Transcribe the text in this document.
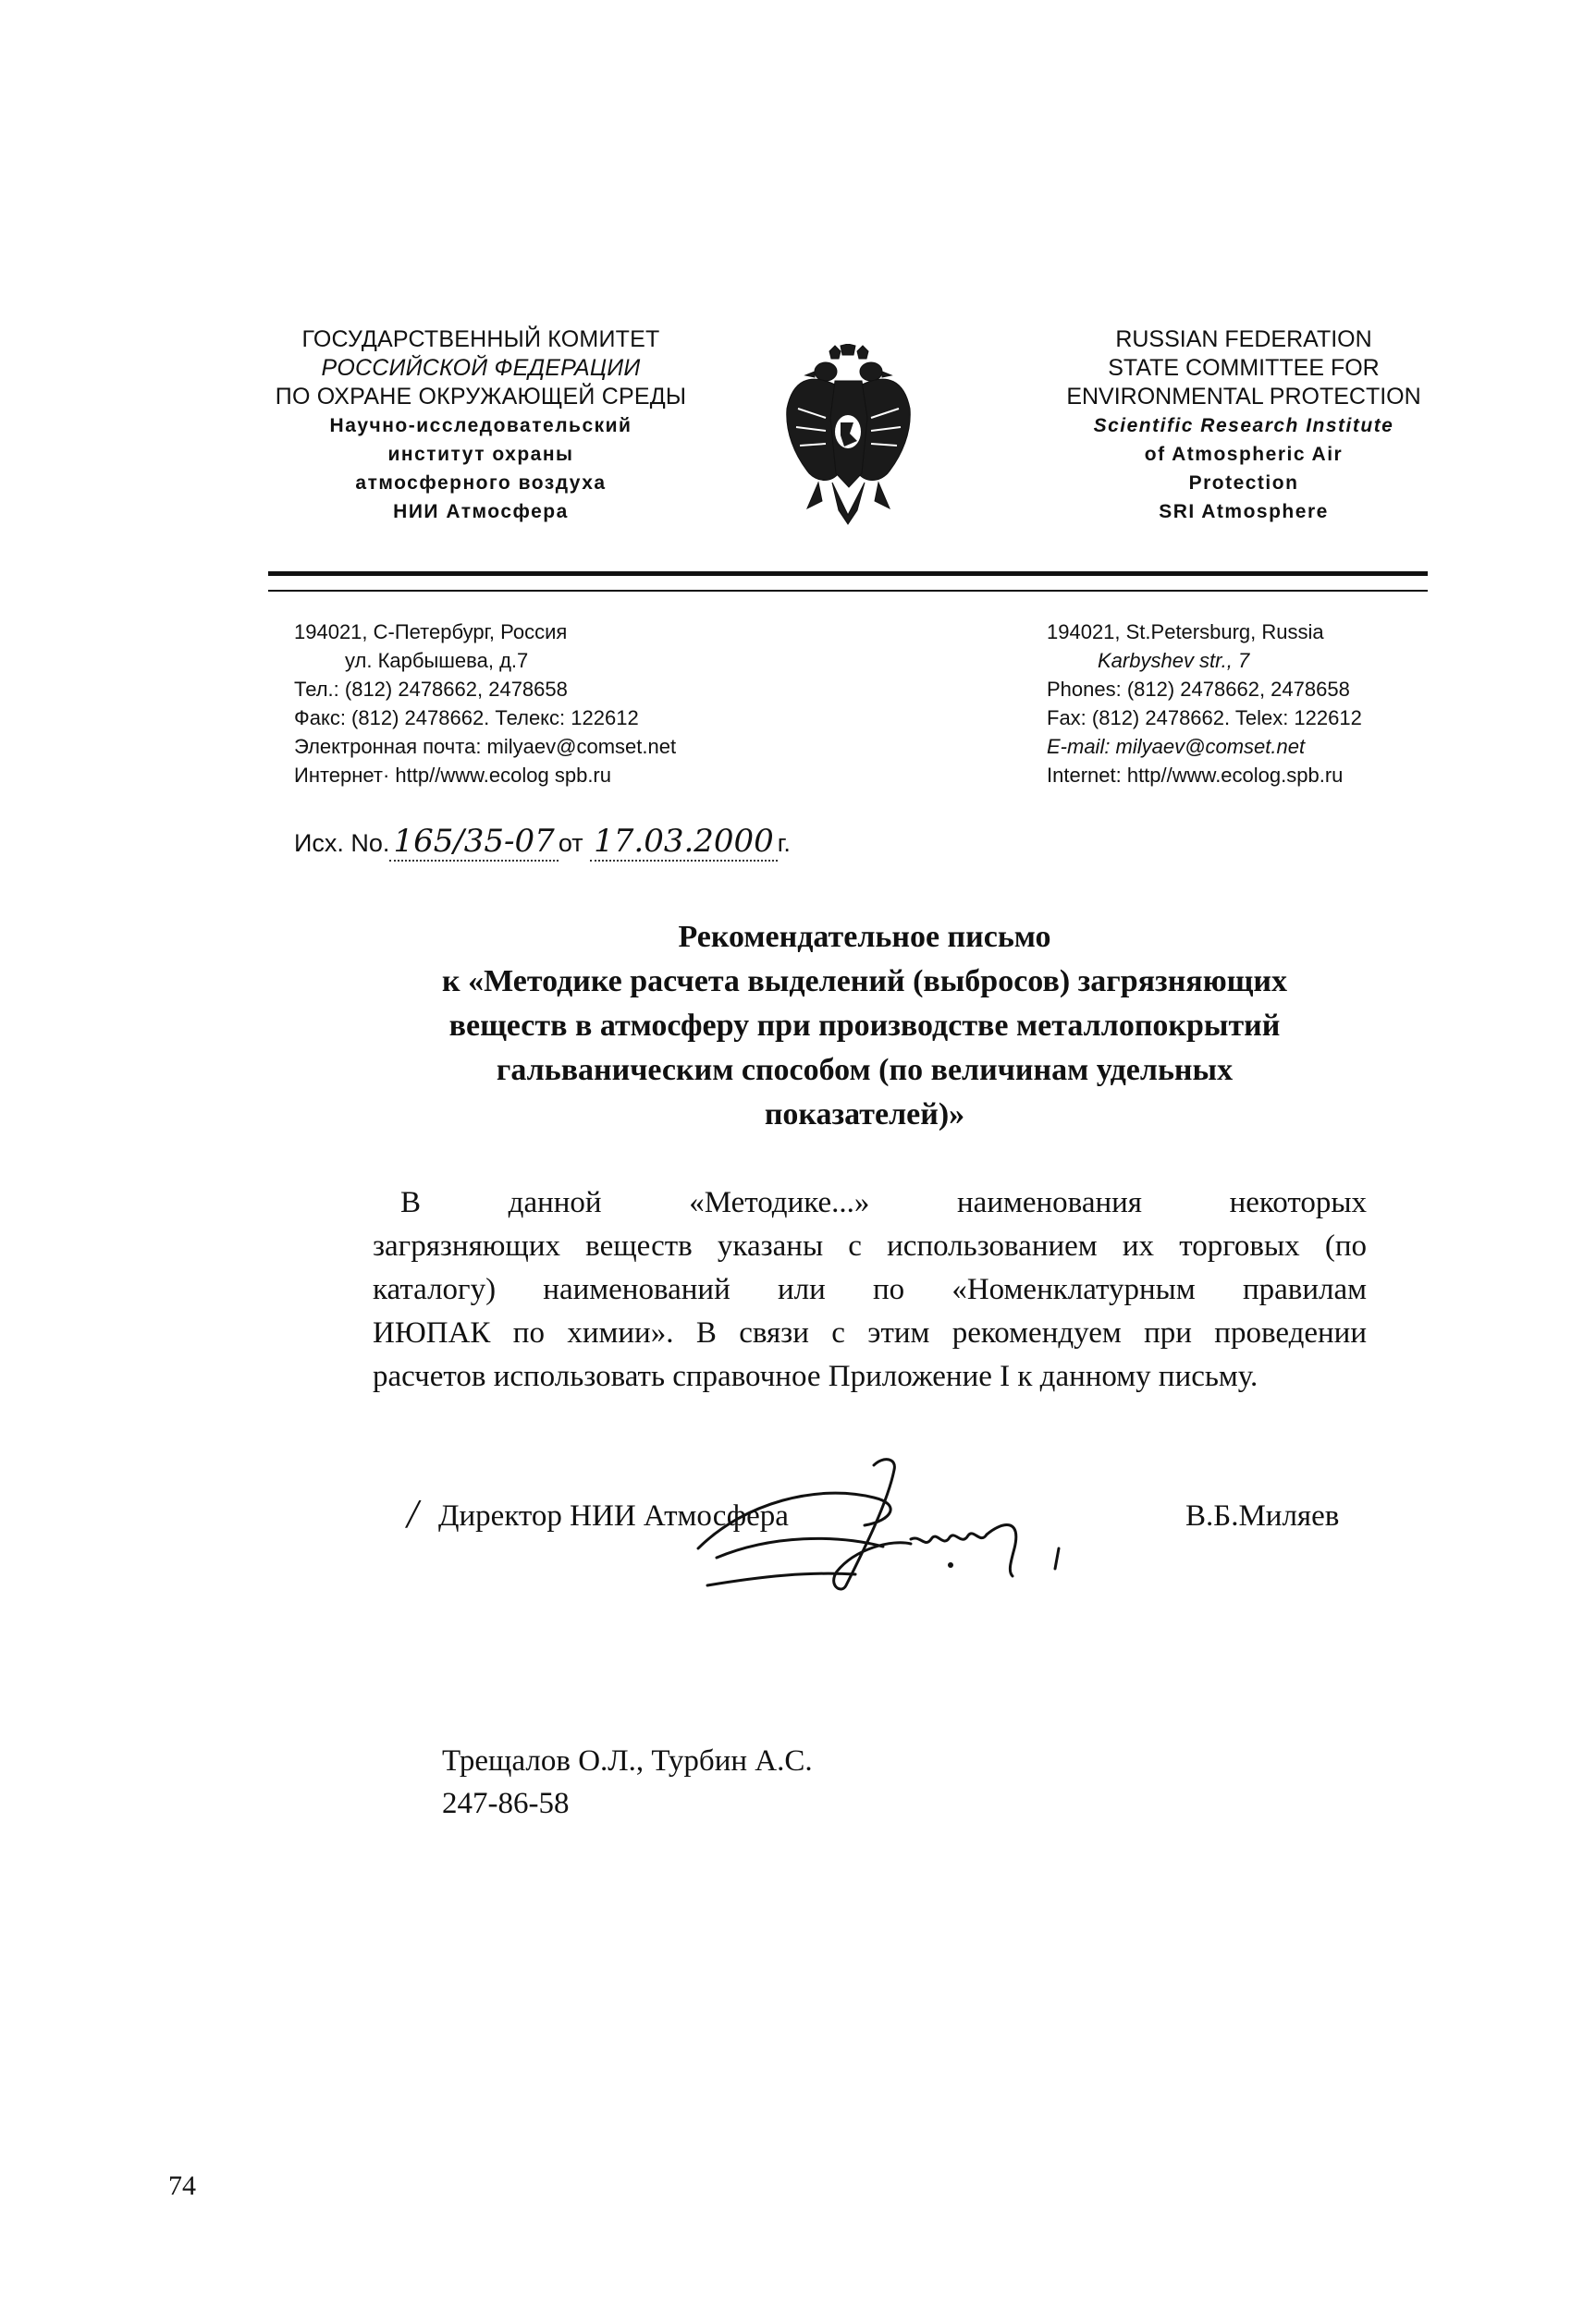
ГОСУДАРСТВЕННЫЙ КОМИТЕТ
РОССИЙСКОЙ ФЕДЕРАЦИИ
ПО ОХРАНЕ ОКРУЖАЮЩЕЙ СРЕДЫ
Научно-исследовательский
институт охраны
атмосферного воздуха
НИИ Атмосфера
RUSSIAN FEDERATION
STATE COMMITTEE FOR
ENVIRONMENTAL PROTECTION
Scientific Research Institute
of Atmospheric Air
Protection
SRI Atmosphere
194021, С-Петербург, Россия
ул. Карбышева, д.7
Тел.: (812) 2478662, 2478658
Факс: (812) 2478662. Телекс: 122612
Электронная почта: milyaev@comset.net
Интернет· http//www.ecolog spb.ru
194021, St.Petersburg, Russia
Karbyshev str., 7
Phones: (812) 2478662, 2478658
Fax: (812) 2478662. Telex: 122612
E-mail: milyaev@comset.net
Internet: http//www.ecolog.spb.ru
Исх. No. 165/35-07 от 17.03.2000 г.
Рекомендательное письмо
к «Методике расчета выделений (выбросов) загрязняющих
веществ в атмосферу при производстве металлопокрытий
гальваническим способом (по величинам удельных
показателей)»
В данной «Методике...» наименования некоторых
загрязняющих веществ указаны с использованием их торговых (по
каталогу) наименований или по «Номенклатурным правилам
ИЮПАК по химии». В связи с этим рекомендуем при проведении
расчетов использовать справочное Приложение I к данному письму.
/ Директор НИИ Атмосфера	В.Б.Миляев
Трещалов О.Л., Турбин А.С.
247-86-58
74
